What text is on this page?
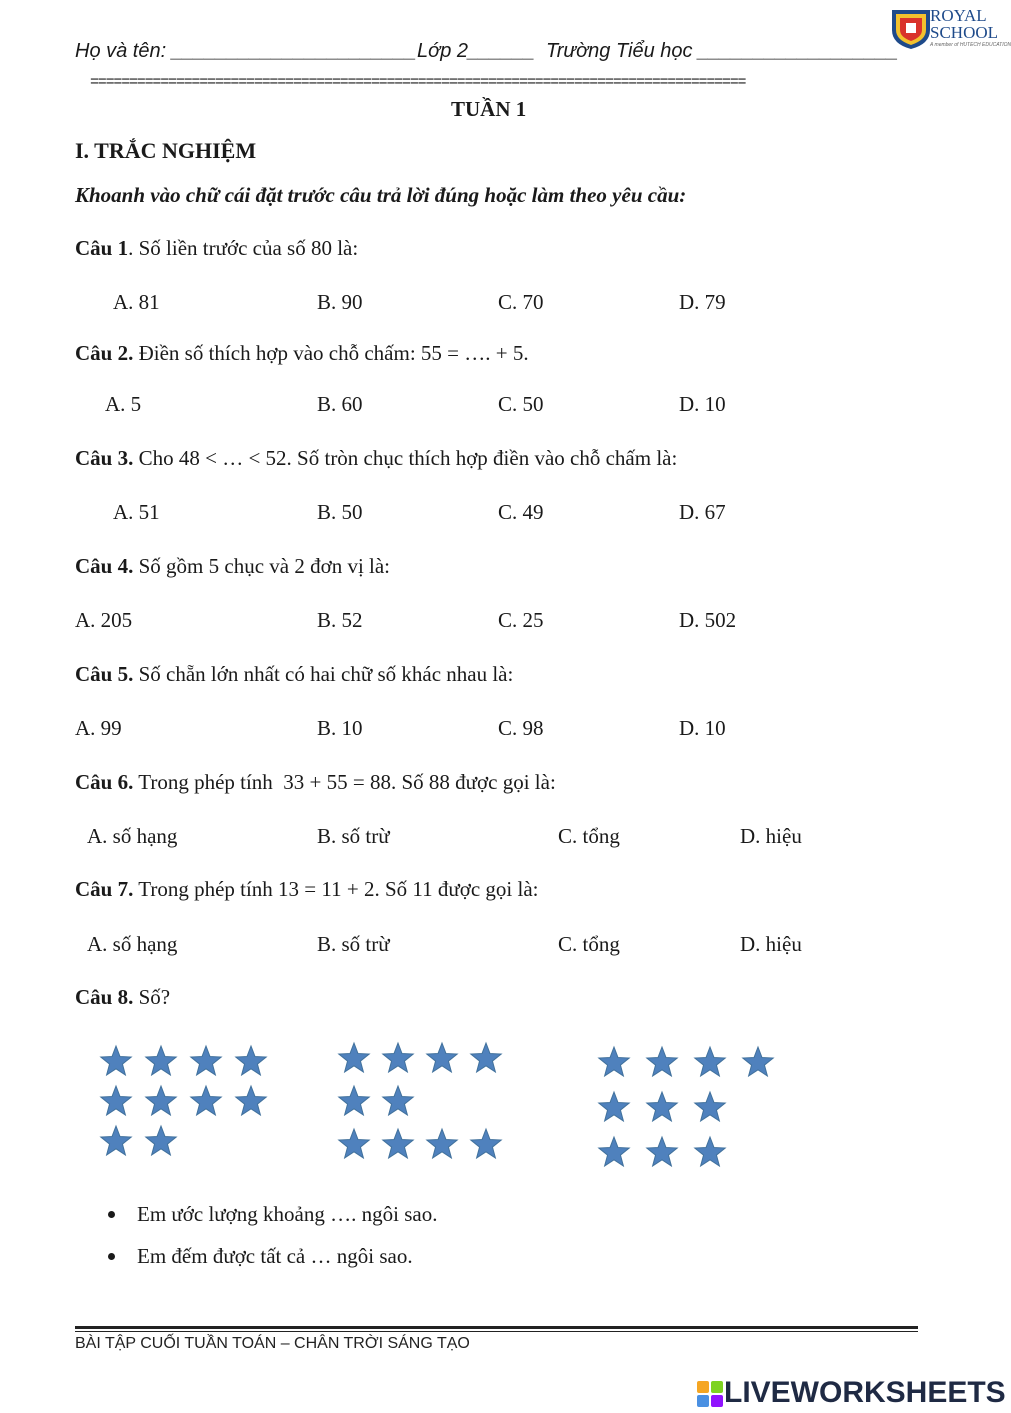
Họ và tên: ______________________ Lớp 2______ Trường Tiểu học __________________
ROYAL
SCHOOL
A member of HUTECH EDUCATION
====================================================================================
TUẦN 1
I. TRẮC NGHIỆM
Khoanh vào chữ cái đặt trước câu trả lời đúng hoặc làm theo yêu cầu:
Câu 1. Số liền trước của số 80 là:
A. 81	B. 90	C. 70	D. 79
Câu 2. Điền số thích hợp vào chỗ chấm: 55 = …. + 5.
A. 5	B. 60	C. 50	D. 10
Câu 3. Cho 48 < … < 52. Số tròn chục thích hợp điền vào chỗ chấm là:
A. 51	B. 50	C. 49	D. 67
Câu 4. Số gồm 5 chục và 2 đơn vị là:
A. 205	B. 52	C. 25	D. 502
Câu 5. Số chẵn lớn nhất có hai chữ số khác nhau là:
A. 99	B. 10	C. 98	D. 10
Câu 6. Trong phép tính  33 + 55 = 88. Số 88 được gọi là:
A. số hạng	B. số trừ	C. tổng	D. hiệu
Câu 7. Trong phép tính 13 = 11 + 2. Số 11 được gọi là:
A. số hạng	B. số trừ	C. tổng	D. hiệu
Câu 8. Số?
Em ước lượng khoảng …. ngôi sao.
Em đếm được tất cả … ngôi sao.
BÀI TẬP CUỐI TUẦN TOÁN – CHÂN TRỜI SÁNG TẠO
LIVEWORKSHEETS
